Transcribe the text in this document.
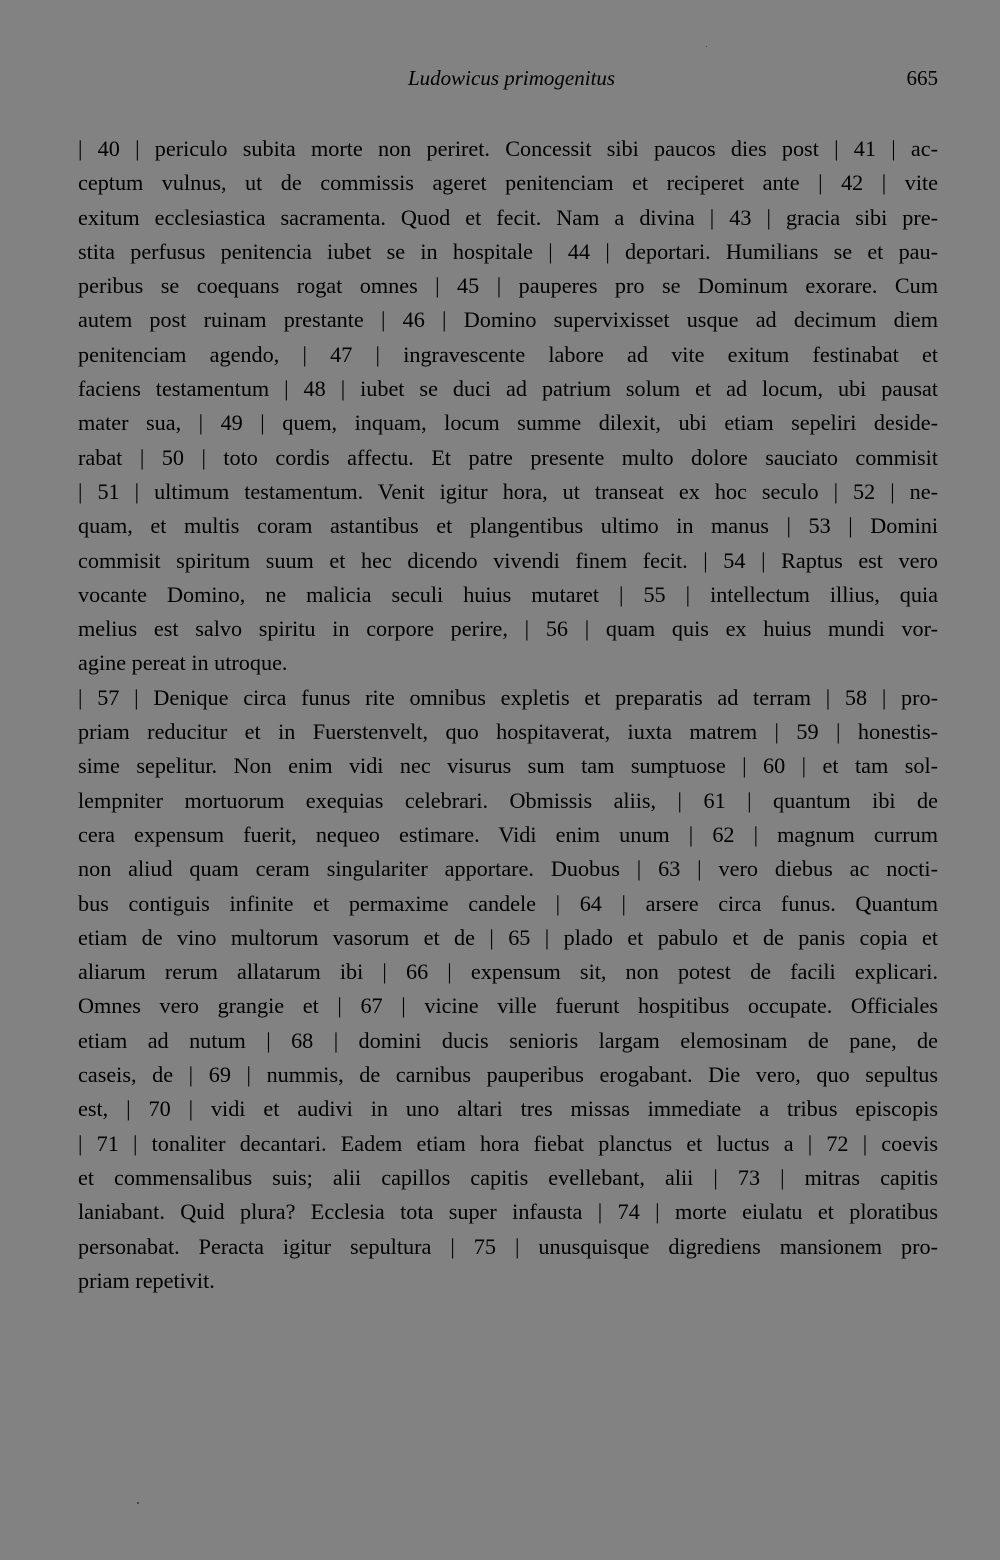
Ludowicus primogenitus	665
| 40 | periculo subita morte non periret. Concessit sibi paucos dies post | 41 | ac-
ceptum vulnus, ut de commissis ageret penitenciam et reciperet ante | 42 | vite
exitum ecclesiastica sacramenta. Quod et fecit. Nam a divina | 43 | gracia sibi pre-
stita perfusus penitencia iubet se in hospitale | 44 | deportari. Humilians se et pau-
peribus se coequans rogat omnes | 45 | pauperes pro se Dominum exorare. Cum
autem post ruinam prestante | 46 | Domino supervixisset usque ad decimum diem
penitenciam agendo, | 47 | ingravescente labore ad vite exitum festinabat et
faciens testamentum | 48 | iubet se duci ad patrium solum et ad locum, ubi pausat
mater sua, | 49 | quem, inquam, locum summe dilexit, ubi etiam sepeliri deside-
rabat | 50 | toto cordis affectu. Et patre presente multo dolore sauciato commisit
| 51 | ultimum testamentum. Venit igitur hora, ut transeat ex hoc seculo | 52 | ne-
quam, et multis coram astantibus et plangentibus ultimo in manus | 53 | Domini
commisit spiritum suum et hec dicendo vivendi finem fecit. | 54 | Raptus est vero
vocante Domino, ne malicia seculi huius mutaret | 55 | intellectum illius, quia
melius est salvo spiritu in corpore perire, | 56 | quam quis ex huius mundi vor-
agine pereat in utroque.
| 57 | Denique circa funus rite omnibus expletis et preparatis ad terram | 58 | pro-
priam reducitur et in Fuerstenvelt, quo hospitaverat, iuxta matrem | 59 | honestis-
sime sepelitur. Non enim vidi nec visurus sum tam sumptuose | 60 | et tam sol-
lempniter mortuorum exequias celebrari. Obmissis aliis, | 61 | quantum ibi de
cera expensum fuerit, nequeo estimare. Vidi enim unum | 62 | magnum currum
non aliud quam ceram singulariter apportare. Duobus | 63 | vero diebus ac nocti-
bus contiguis infinite et permaxime candele | 64 | arsere circa funus. Quantum
etiam de vino multorum vasorum et de | 65 | plado et pabulo et de panis copia et
aliarum rerum allatarum ibi | 66 | expensum sit, non potest de facili explicari.
Omnes vero grangie et | 67 | vicine ville fuerunt hospitibus occupate. Officiales
etiam ad nutum | 68 | domini ducis senioris largam elemosinam de pane, de
caseis, de | 69 | nummis, de carnibus pauperibus erogabant. Die vero, quo sepultus
est, | 70 | vidi et audivi in uno altari tres missas immediate a tribus episcopis
| 71 | tonaliter decantari. Eadem etiam hora fiebat planctus et luctus a | 72 | coevis
et commensalibus suis; alii capillos capitis evellebant, alii | 73 | mitras capitis
laniabant. Quid plura? Ecclesia tota super infausta | 74 | morte eiulatu et ploratibus
personabat. Peracta igitur sepultura | 75 | unusquisque digrediens mansionem pro-
priam repetivit.
